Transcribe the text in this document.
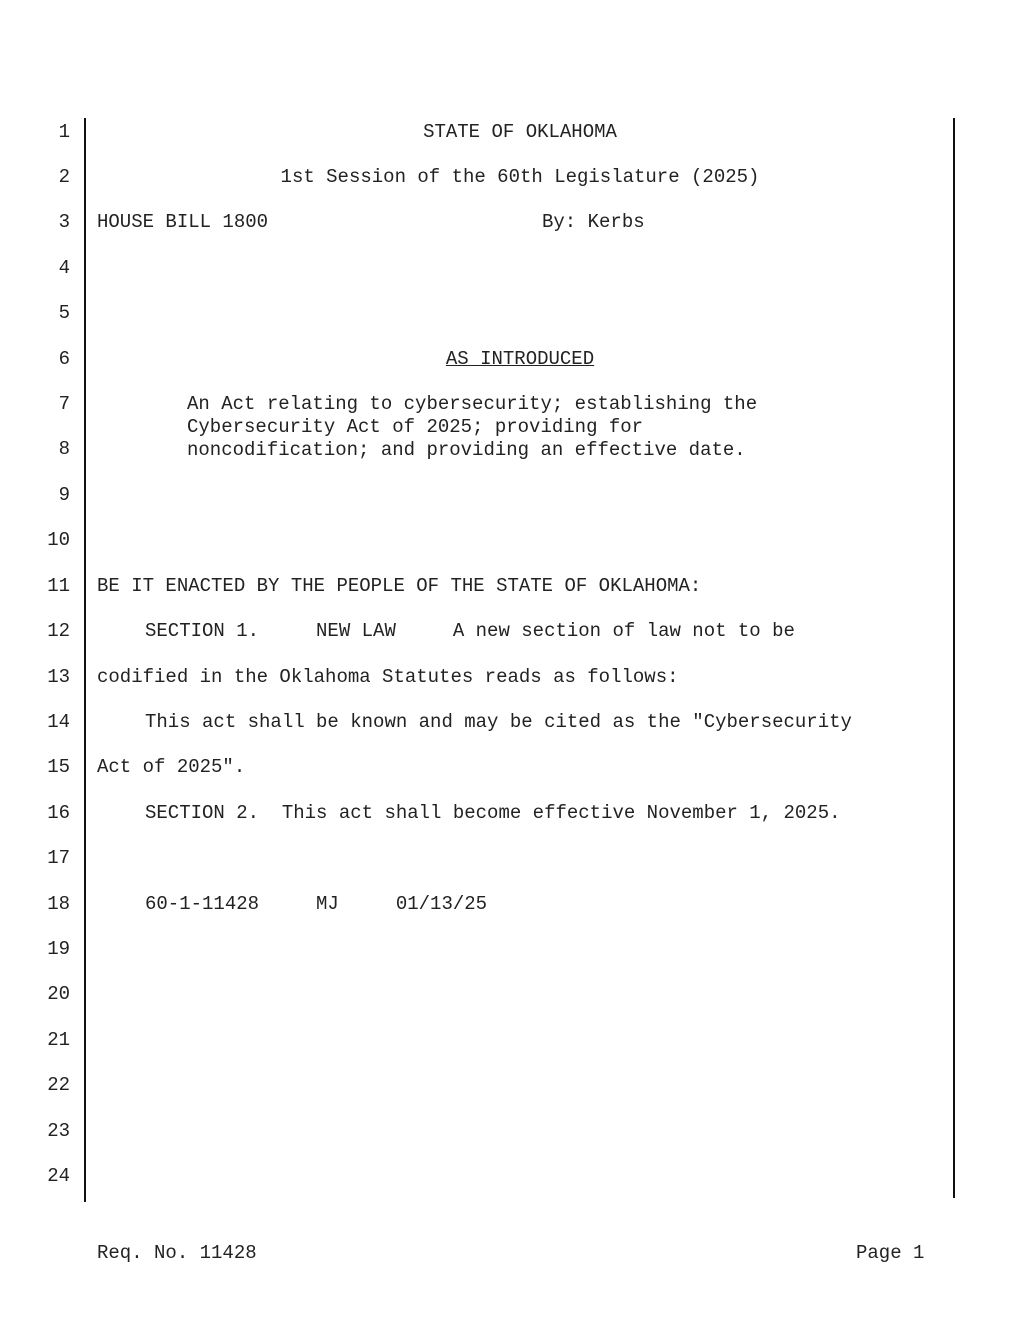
1
2
3
4
5
6
7
8
9
10
11
12
13
14
15
16
17
18
19
20
21
22
23
24
STATE OF OKLAHOMA
1st Session of the 60th Legislature (2025)
HOUSE BILL 1800	By: Kerbs
AS INTRODUCED
An Act relating to cybersecurity; establishing the
Cybersecurity Act of 2025; providing for
noncodification; and providing an effective date.
BE IT ENACTED BY THE PEOPLE OF THE STATE OF OKLAHOMA:
SECTION 1.     NEW LAW     A new section of law not to be
codified in the Oklahoma Statutes reads as follows:
This act shall be known and may be cited as the "Cybersecurity
Act of 2025".
SECTION 2.  This act shall become effective November 1, 2025.
60-1-11428     MJ     01/13/25
Req. No. 11428	Page 1
